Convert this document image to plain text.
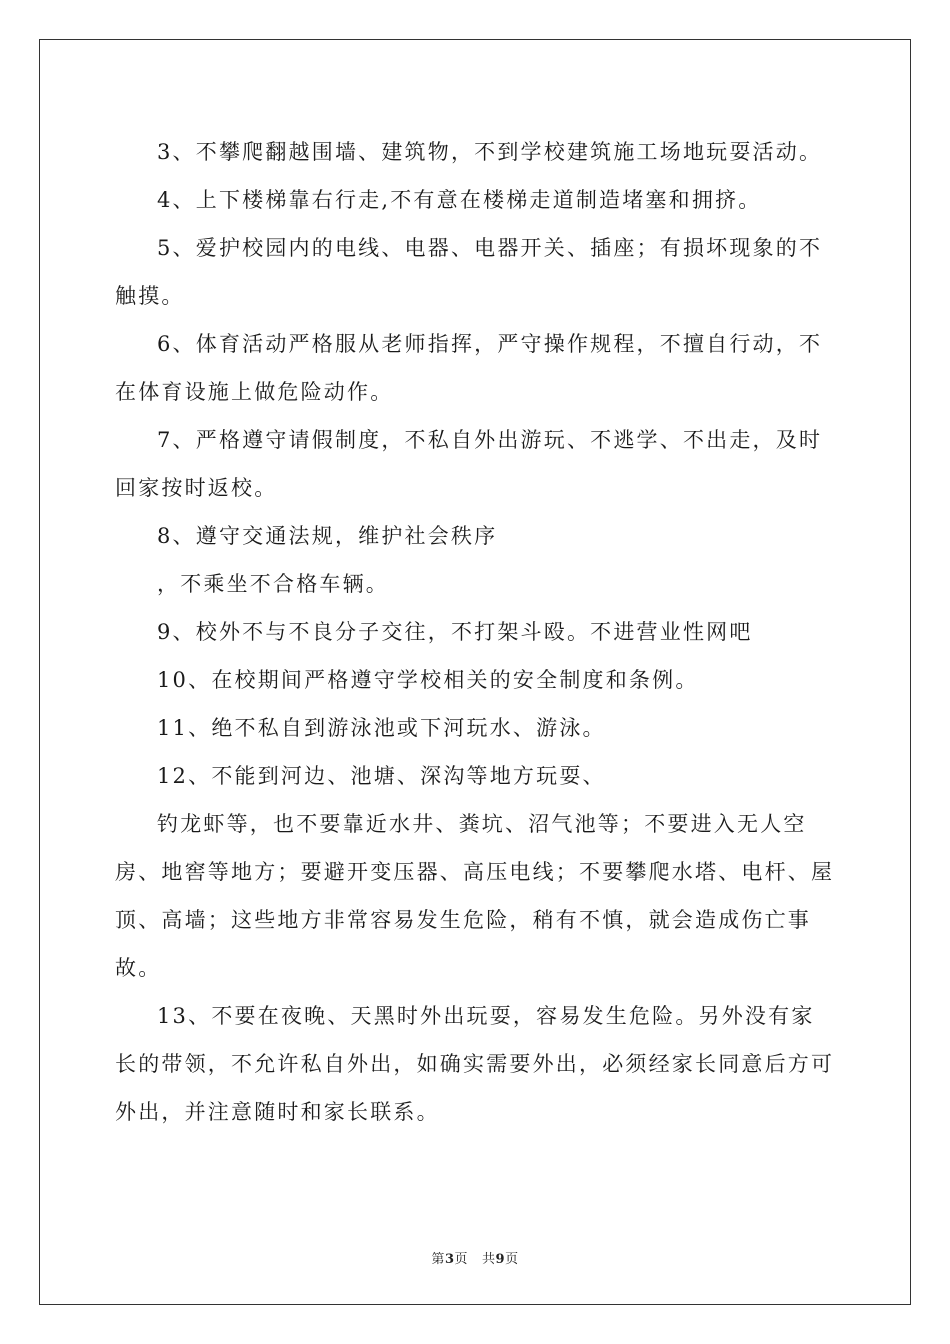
3、不攀爬翻越围墙、建筑物，不到学校建筑施工场地玩耍活动。

4、上下楼梯靠右行走,不有意在楼梯走道制造堵塞和拥挤。

5、爱护校园内的电线、电器、电器开关、插座；有损坏现象的不触摸。

6、体育活动严格服从老师指挥，严守操作规程，不擅自行动，不在体育设施上做危险动作。

7、严格遵守请假制度，不私自外出游玩、不逃学、不出走，及时回家按时返校。

8、遵守交通法规，维护社会秩序

，不乘坐不合格车辆。

9、校外不与不良分子交往，不打架斗殴。不进营业性网吧

10、在校期间严格遵守学校相关的安全制度和条例。

11、绝不私自到游泳池或下河玩水、游泳。

12、不能到河边、池塘、深沟等地方玩耍、

钓龙虾等，也不要靠近水井、粪坑、沼气池等；不要进入无人空房、地窖等地方；要避开变压器、高压电线；不要攀爬水塔、电杆、屋顶、高墙；这些地方非常容易发生危险，稍有不慎，就会造成伤亡事故。

13、不要在夜晚、天黑时外出玩耍，容易发生危险。另外没有家长的带领，不允许私自外出，如确实需要外出，必须经家长同意后方可外出，并注意随时和家长联系。

第3页 共9页
